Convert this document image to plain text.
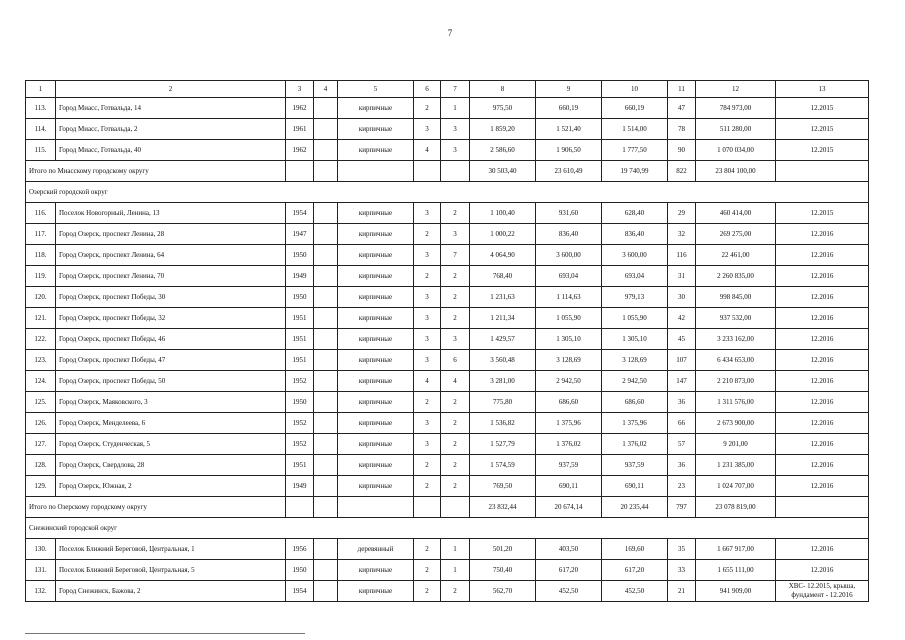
7
1	2	3	4	5	6	7	8	9	10	11	12	13
113.	Город Миасс, Готвальда, 14	1962		кирпичные	2	1	975,50	660,19	660,19	47	784 973,00	12.2015
114.	Город Миасс, Готвальда, 2	1961		кирпичные	3	3	1 859,20	1 521,40	1 514,00	78	511 280,00	12.2015
115.	Город Миасс, Готвальда, 40	1962		кирпичные	4	3	2 586,60	1 906,50	1 777,50	90	1 070 034,00	12.2015
Итого по Миасскому городскому округу							30 503,40	23 610,49	19 740,99	822	23 804 100,00	
Озерский городской округ												
116.	Поселок Новогорный, Ленина, 13	1954		кирпичные	3	2	1 100,40	931,60	628,40	29	460 414,00	12.2015
117.	Город Озерск, проспект Ленина, 28	1947		кирпичные	2	3	1 000,22	836,40	836,40	32	269 275,00	12.2016
118.	Город Озерск, проспект Ленина, 64	1950		кирпичные	3	7	4 064,90	3 600,00	3 600,00	116	22 461,00	12.2016
119.	Город Озерск, проспект Ленина, 70	1949		кирпичные	2	2	768,40	693,04	693,04	31	2 260 835,00	12.2016
120.	Город Озерск, проспект Победы, 30	1950		кирпичные	3	2	1 231,63	1 114,63	979,13	30	998 845,00	12.2016
121.	Город Озерск, проспект Победы, 32	1951		кирпичные	3	2	1 211,34	1 055,90	1 055,90	42	937 532,00	12.2016
122.	Город Озерск, проспект Победы, 46	1951		кирпичные	3	3	1 429,57	1 305,10	1 305,10	45	3 233 162,00	12.2016
123.	Город Озерск, проспект Победы, 47	1951		кирпичные	3	6	3 560,48	3 128,69	3 128,69	107	6 434 653,00	12.2016
124.	Город Озерск, проспект Победы, 50	1952		кирпичные	4	4	3 281,00	2 942,50	2 942,50	147	2 210 873,00	12.2016
125.	Город Озерск, Маяковского, 3	1950		кирпичные	2	2	775,80	686,60	686,60	36	1 311 576,00	12.2016
126.	Город Озерск, Менделеева, 6	1952		кирпичные	3	2	1 536,82	1 375,96	1 375,96	66	2 673 900,00	12.2016
127.	Город Озерск, Студенческая, 5	1952		кирпичные	3	2	1 527,79	1 376,02	1 376,02	57	9 201,00	12.2016
128.	Город Озерск, Свердлова, 28	1951		кирпичные	2	2	1 574,59	937,59	937,59	36	1 231 385,00	12.2016
129.	Город Озерск, Южная, 2	1949		кирпичные	2	2	769,50	690,11	690,11	23	1 024 707,00	12.2016
Итого по Озерскому городскому округу							23 832,44	20 674,14	20 235,44	797	23 078 819,00	
Снежинский городской округ												
130.	Поселок Ближний Береговой, Центральная, 1	1956		деревянный	2	1	501,20	403,50	169,60	35	1 667 917,00	12.2016
131.	Поселок Ближний Береговой, Центральная, 5	1950		кирпичные	2	1	750,40	617,20	617,20	33	1 655 111,00	12.2016
132.	Город Снежинск, Бажова, 2	1954		кирпичные	2	2	562,70	452,50	452,50	21	941 909,00	ХВС- 12.2015, крыша, фундамент - 12.2016
